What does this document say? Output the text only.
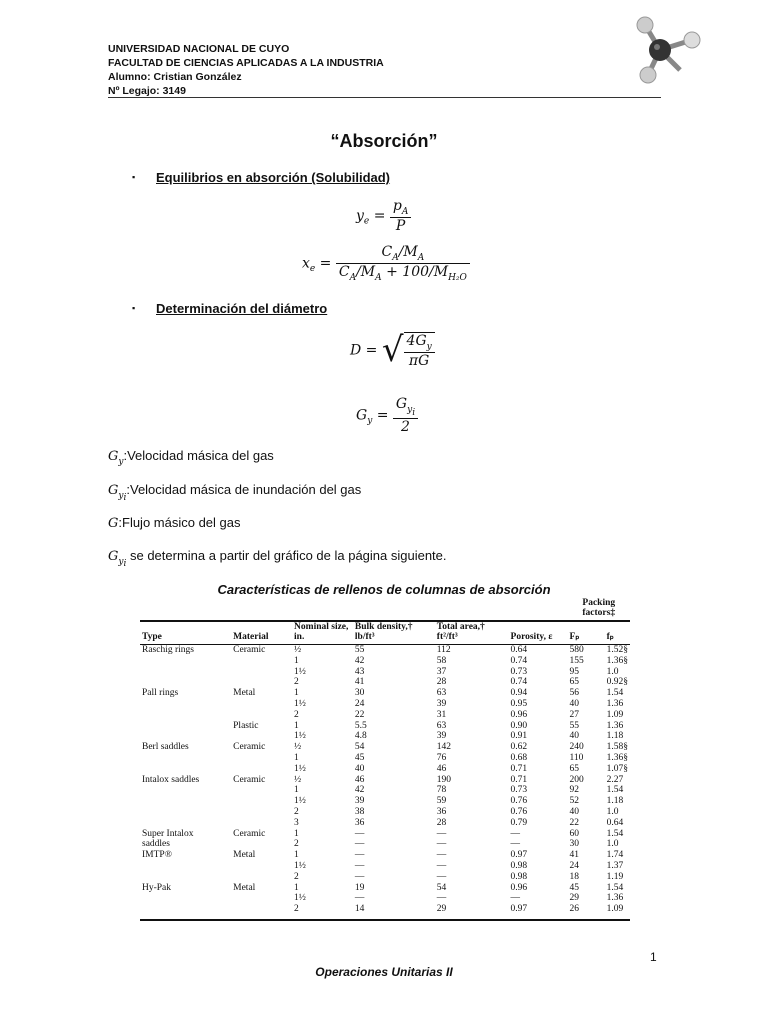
UNIVERSIDAD NACIONAL DE CUYO
FACULTAD DE CIENCIAS APLICADAS A LA INDUSTRIA
Alumno: Cristian González
Nº Legajo: 3149
“Absorción”
▪ Equilibrios en absorción (Solubilidad)
$y_e = \frac{p_A}{P}$
$x_e = \frac{C_A/M_A}{C_A/M_A + 100/M_{H_2O}}$
▪ Determinación del diámetro
D = √ $\frac{4G_y}{\pi G}$
$G_y = \frac{G_{y_i}}{2}$
$G_y:Velocidad$ másica del gas
$G_{y_i}:Velocidad$ másica de inundación del gas
G:Flujo másico del gas
$G_{y_i}$ se determina a partir del gráfico de la página siguiente.
Características de rellenos de columnas de absorción
						Packing factors‡	
Type	Material	Nominal size, in.	Bulk density,† lb/ft³	Total area,† ft²/ft³	Porosity, ε	Fₚ	fₚ
Raschig rings	Ceramic	½	55	112	0.64	580	1.52§
		1	42	58	0.74	155	1.36§
		1½	43	37	0.73	95	1.0
		2	41	28	0.74	65	0.92§
Pall rings	Metal	1	30	63	0.94	56	1.54
		1½	24	39	0.95	40	1.36
		2	22	31	0.96	27	1.09
	Plastic	1	5.5	63	0.90	55	1.36
		1½	4.8	39	0.91	40	1.18
Berl saddles	Ceramic	½	54	142	0.62	240	1.58§
		1	45	76	0.68	110	1.36§
		1½	40	46	0.71	65	1.07§
Intalox saddles	Ceramic	½	46	190	0.71	200	2.27
		1	42	78	0.73	92	1.54
		1½	39	59	0.76	52	1.18
		2	38	36	0.76	40	1.0
		3	36	28	0.79	22	0.64
Super Intalox	Ceramic	1	—	—	—	60	1.54
saddles		2	—	—	—	30	1.0
IMTP®	Metal	1	—	—	0.97	41	1.74
		1½	—	—	0.98	24	1.37
		2	—	—	0.98	18	1.19
Hy-Pak	Metal	1	19	54	0.96	45	1.54
		1½	—	—	—	29	1.36
		2	14	29	0.97	26	1.09

1
Operaciones Unitarias II
